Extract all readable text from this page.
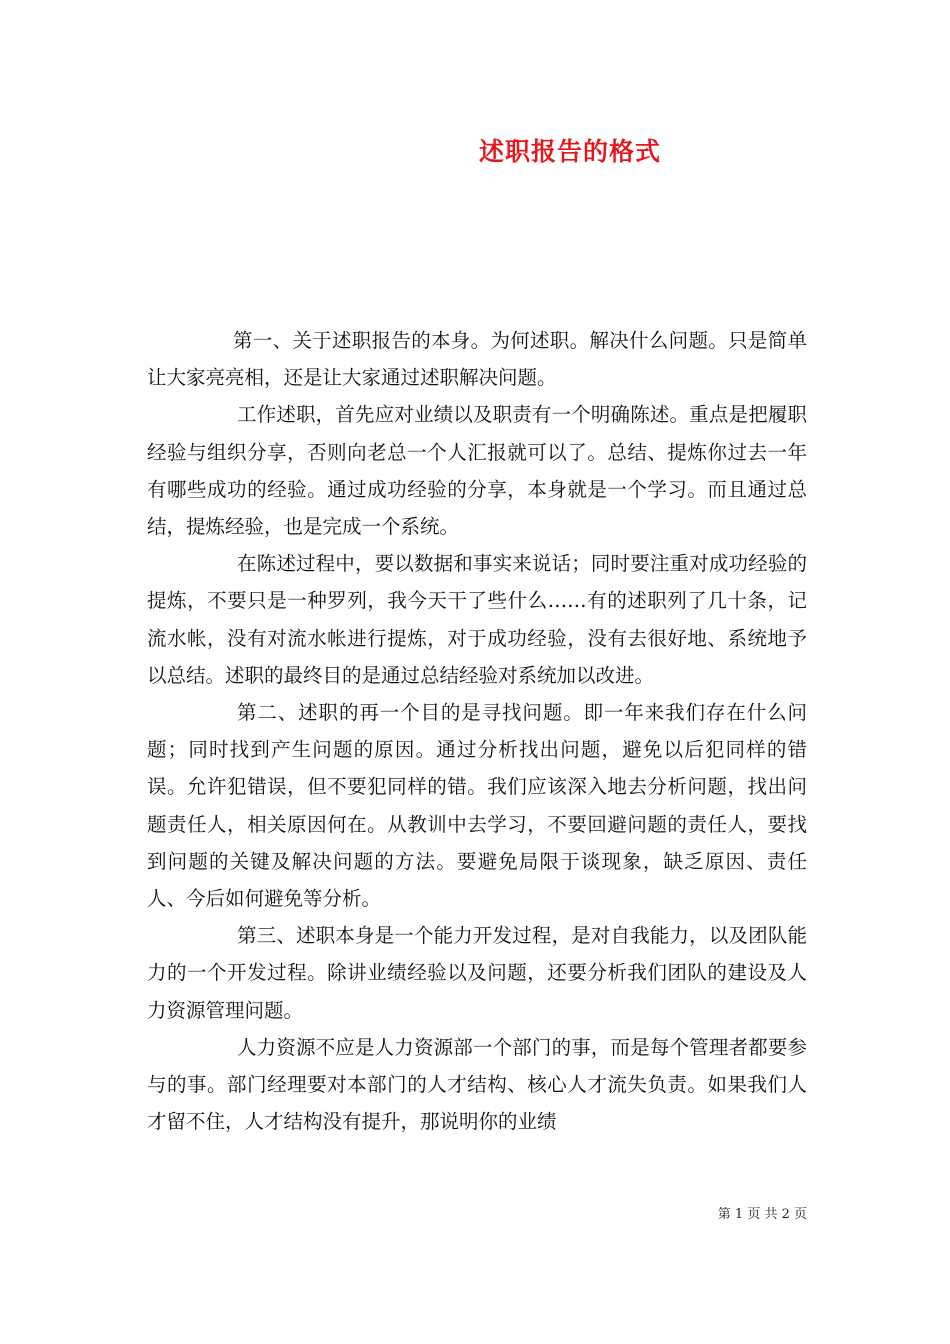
述职报告的格式

第一、关于述职报告的本身。为何述职。解决什么问题。只是简单让大家亮亮相，还是让大家通过述职解决问题。

工作述职，首先应对业绩以及职责有一个明确陈述。重点是把履职经验与组织分享，否则向老总一个人汇报就可以了。总结、提炼你过去一年有哪些成功的经验。通过成功经验的分享，本身就是一个学习。而且通过总结，提炼经验，也是完成一个系统。

在陈述过程中，要以数据和事实来说话；同时要注重对成功经验的提炼，不要只是一种罗列，我今天干了些什么……有的述职列了几十条，记流水帐，没有对流水帐进行提炼，对于成功经验，没有去很好地、系统地予以总结。述职的最终目的是通过总结经验对系统加以改进。

第二、述职的再一个目的是寻找问题。即一年来我们存在什么问题；同时找到产生问题的原因。通过分析找出问题，避免以后犯同样的错误。允许犯错误，但不要犯同样的错。我们应该深入地去分析问题，找出问题责任人，相关原因何在。从教训中去学习，不要回避问题的责任人，要找到问题的关键及解决问题的方法。要避免局限于谈现象，缺乏原因、责任人、今后如何避免等分析。

第三、述职本身是一个能力开发过程，是对自我能力，以及团队能力的一个开发过程。除讲业绩经验以及问题，还要分析我们团队的建设及人力资源管理问题。

人力资源不应是人力资源部一个部门的事，而是每个管理者都要参与的事。部门经理要对本部门的人才结构、核心人才流失负责。如果我们人才留不住，人才结构没有提升，那说明你的业绩

第 1 页 共 2 页
